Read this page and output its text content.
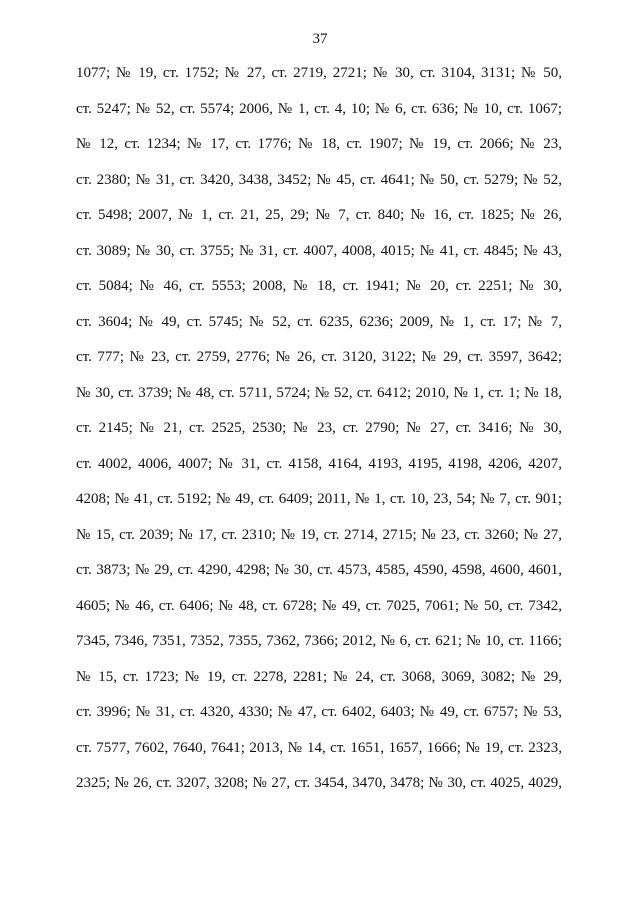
37
1077; № 19, ст. 1752; № 27, ст. 2719, 2721; № 30, ст. 3104, 3131; № 50,
ст. 5247; № 52, ст. 5574; 2006, № 1, ст. 4, 10; № 6, ст. 636; № 10, ст. 1067;
№ 12, ст. 1234; № 17, ст. 1776; № 18, ст. 1907; № 19, ст. 2066; № 23,
ст. 2380; № 31, ст. 3420, 3438, 3452; № 45, ст. 4641; № 50, ст. 5279; № 52,
ст. 5498; 2007, № 1, ст. 21, 25, 29; № 7, ст. 840; № 16, ст. 1825; № 26,
ст. 3089; № 30, ст. 3755; № 31, ст. 4007, 4008, 4015; № 41, ст. 4845; № 43,
ст. 5084; № 46, ст. 5553; 2008, № 18, ст. 1941; № 20, ст. 2251; № 30,
ст. 3604; № 49, ст. 5745; № 52, ст. 6235, 6236; 2009, № 1, ст. 17; № 7,
ст. 777; № 23, ст. 2759, 2776; № 26, ст. 3120, 3122; № 29, ст. 3597, 3642;
№ 30, ст. 3739; № 48, ст. 5711, 5724; № 52, ст. 6412; 2010, № 1, ст. 1; № 18,
ст. 2145; № 21, ст. 2525, 2530; № 23, ст. 2790; № 27, ст. 3416; № 30,
ст. 4002, 4006, 4007; № 31, ст. 4158, 4164, 4193, 4195, 4198, 4206, 4207,
4208; № 41, ст. 5192; № 49, ст. 6409; 2011, № 1, ст. 10, 23, 54; № 7, ст. 901;
№ 15, ст. 2039; № 17, ст. 2310; № 19, ст. 2714, 2715; № 23, ст. 3260; № 27,
ст. 3873; № 29, ст. 4290, 4298; № 30, ст. 4573, 4585, 4590, 4598, 4600, 4601,
4605; № 46, ст. 6406; № 48, ст. 6728; № 49, ст. 7025, 7061; № 50, ст. 7342,
7345, 7346, 7351, 7352, 7355, 7362, 7366; 2012, № 6, ст. 621; № 10, ст. 1166;
№ 15, ст. 1723; № 19, ст. 2278, 2281; № 24, ст. 3068, 3069, 3082; № 29,
ст. 3996; № 31, ст. 4320, 4330; № 47, ст. 6402, 6403; № 49, ст. 6757; № 53,
ст. 7577, 7602, 7640, 7641; 2013, № 14, ст. 1651, 1657, 1666; № 19, ст. 2323,
2325; № 26, ст. 3207, 3208; № 27, ст. 3454, 3470, 3478; № 30, ст. 4025, 4029,
